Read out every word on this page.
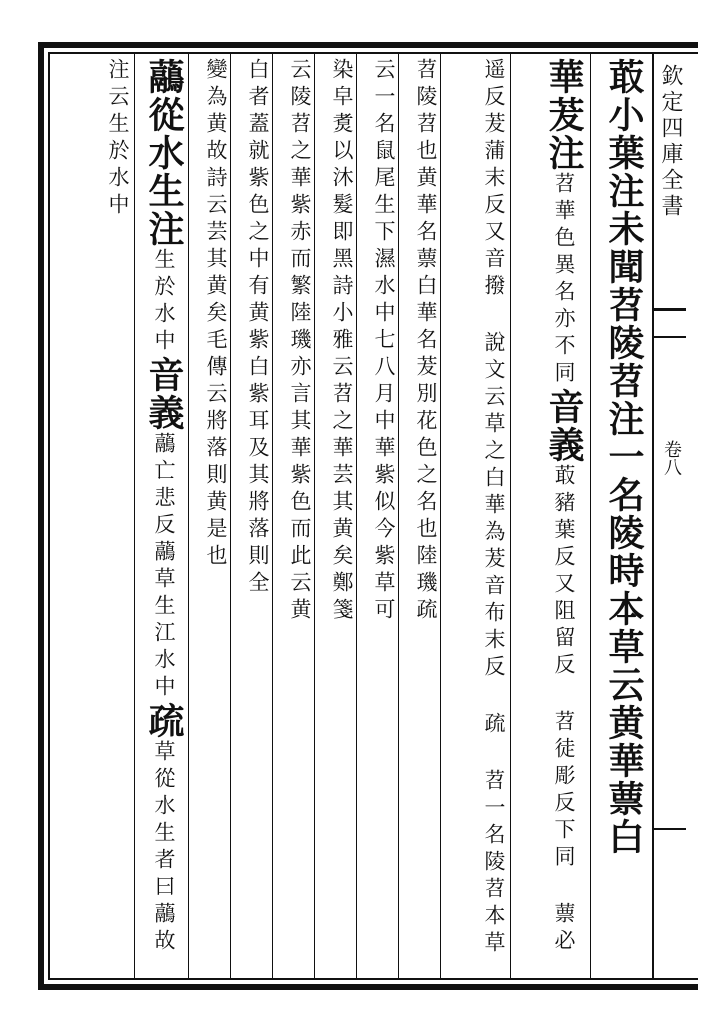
欽定四庫全書
卷八
菆小葉注未聞苕陵苕注一名陵時本草云黄華蔈白
華茇注苕華色異名亦不同音義菆豬葉反又阻留反 苕徒彫反下同 蔈必
遥反茇蒲末反又音撥 說文云草之白華為茇音布末反 疏 苕一名陵苕本草
苕陵苕也黄華名蔈白華名茇別花色之名也陸璣疏
云一名鼠尾生下濕水中七八月中華紫似今紫草可
染皁煑以沐髮即黑詩小雅云苕之華芸其黄矣鄭箋
云陵苕之華紫赤而繁陸璣亦言其華紫色而此云黄
白者蓋就紫色之中有黄紫白紫耳及其將落則全
變為黄故詩云芸其黄矣毛傳云將落則黄是也
虉從水生注生於水中音義虉亡悲反虉草生江水中疏草從水生者曰虉故
注云生於水中
